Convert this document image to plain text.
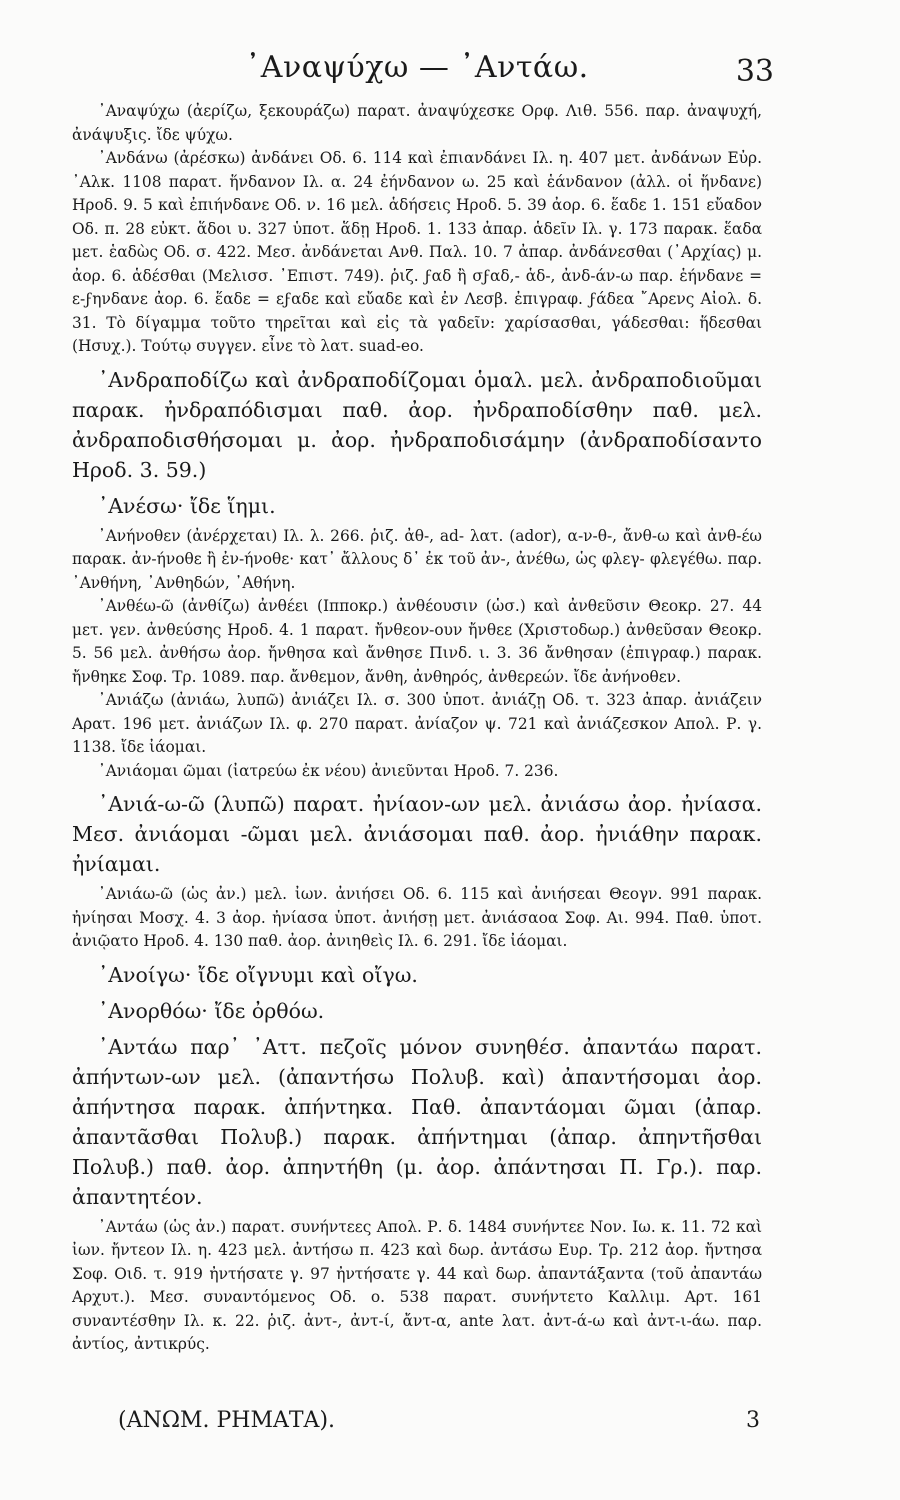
᾿Αναψύχω — ᾿Αντάω.	33

᾿Αναψύχω (ἀερίζω, ξεκουράζω) παρατ. ἀναψύχεσκε Ορφ. Λιθ. 556. παρ. ἀναψυχή, ἀνάψυξις. ἴδε ψύχω.

᾿Ανδάνω (ἀρέσκω) ἀνδάνει Οδ. 6. 114 καὶ ἐπιανδάνει Ιλ. η. 407 μετ. ἀνδάνων Εὐρ. ᾿Αλκ. 1108 παρατ. ἥνδανον Ιλ. α. 24 ἐήνδανον ω. 25 καὶ ἑάνδανον (ἀλλ. οἱ ἥνδανε) Ηροδ. 9. 5 καὶ ἐπιήνδανε Οδ. ν. 16 μελ. ἁδήσεις Ηροδ. 5. 39 ἀορ. 6. ἕαδε 1. 151 εὔαδον Οδ. π. 28 εὐκτ. ἅδοι υ. 327 ὑποτ. ἅδῃ Ηροδ. 1. 133 ἀπαρ. ἁδεῖν Ιλ. γ. 173 παρακ. ἕαδα μετ. ἑαδὼς Οδ. σ. 422. Μεσ. ἀνδάνεται Ανθ. Παλ. 10. 7 ἀπαρ. ἀνδάνεσθαι (᾿Αρχίας) μ. ἀορ. 6. ἁδέσθαι (Μελισσ. ᾿Επιστ. 749). ῥιζ. ϝαδ ἢ σϝαδ,- ἁδ-, ἀνδ-άν-ω παρ. ἑήνδανε = ε-ϝηνδανε ἀορ. 6. ἕαδε = εϝαδε καὶ εὔαδε καὶ ἐν Λεσβ. ἐπιγραφ. ϝάδεα ῎Αρενς Αἰολ. δ. 31. Τὸ δίγαμμα τοῦτο τηρεῖται καὶ εἰς τὰ γαδεῖν: χαρίσασθαι, γάδεσθαι: ἥδεσθαι (Ησυχ.). Τούτῳ συγγεν. εἶνε τὸ λατ. suad-eo.

᾿Ανδραποδίζω καὶ ἀνδραποδίζομαι ὁμαλ. μελ. ἀνδραποδιοῦμαι παρακ. ἠνδραπόδισμαι παθ. ἀορ. ἠνδραποδίσθην παθ. μελ. ἀνδραποδισθήσομαι μ. ἀορ. ἠνδραποδισάμην (ἀνδραποδίσαντο Ηροδ. 3. 59.)

᾿Ανέσω· ἴδε ἵημι.

᾿Ανήνοθεν (ἀνέρχεται) Ιλ. λ. 266. ῥιζ. ἀθ-, ad- λατ. (ador), α-ν-θ-, ἄνθ-ω καὶ ἀνθ-έω παρακ. ἀν-ήνοθε ἢ ἐν-ήνοθε· κατ᾿ ἄλλους δ᾿ ἐκ τοῦ ἀν-, ἀνέθω, ὡς φλεγ- φλεγέθω. παρ. ᾿Ανθήνη, ᾿Ανθηδών, ᾿Αθήνη.

᾿Ανθέω-ῶ (ἀνθίζω) ἀνθέει (Ιπποκρ.) ἀνθέουσιν (ὡσ.) καὶ ἀνθεῦσιν Θεοκρ. 27. 44 μετ. γεν. ἀνθεύσης Ηροδ. 4. 1 παρατ. ἤνθεον-ουν ἤνθεε (Χριστοδωρ.) ἀνθεῦσαν Θεοκρ. 5. 56 μελ. ἀνθήσω ἀορ. ἤνθησα καὶ ἄνθησε Πινδ. ι. 3. 36 ἄνθησαν (ἐπιγραφ.) παρακ. ἤνθηκε Σοφ. Τρ. 1089. παρ. ἄνθεμον, ἄνθη, ἀνθηρός, ἀνθερεών. ἴδε ἀνήνοθεν.

᾿Ανιάζω (ἀνιάω, λυπῶ) ἀνιάζει Ιλ. σ. 300 ὑποτ. ἀνιάζῃ Οδ. τ. 323 ἀπαρ. ἀνιάζειν Αρατ. 196 μετ. ἀνιάζων Ιλ. φ. 270 παρατ. ἀνίαζον ψ. 721 καὶ ἀνιάζεσκον Απολ. Ρ. γ. 1138. ἴδε ἰάομαι.

᾿Ανιάομαι ῶμαι (ἰατρεύω ἐκ νέου) ἀνιεῦνται Ηροδ. 7. 236.

᾿Ανιά-ω-ῶ (λυπῶ) παρατ. ἠνίαον-ων μελ. ἀνιάσω ἀορ. ἠνίασα. Μεσ. ἀνιάομαι -ῶμαι μελ. ἀνιάσομαι παθ. ἀορ. ἠνιάθην παρακ. ἠνίαμαι.

᾿Ανιάω-ῶ (ὡς ἀν.) μελ. ἰων. ἀνιήσει Οδ. 6. 115 καὶ ἀνιήσεαι Θεογν. 991 παρακ. ἠνίησαι Μοσχ. 4. 3 ἀορ. ἠνίασα ὑποτ. ἀνιήσῃ μετ. ἀνιάσαοα Σοφ. Αι. 994. Παθ. ὑποτ. ἀνιῷατο Ηροδ. 4. 130 παθ. ἀορ. ἀνιηθεὶς Ιλ. 6. 291. ἴδε ἰάομαι.

᾿Ανοίγω· ἴδε οἴγνυμι καὶ οἴγω.

᾿Ανορθόω· ἴδε ὀρθόω.

᾿Αντάω παρ᾿ ᾿Αττ. πεζοῖς μόνον συνηθέσ. ἀπαντάω παρατ. ἀπήντων-ων μελ. (ἀπαντήσω Πολυβ. καὶ) ἀπαντήσομαι ἀορ. ἀπήντησα παρακ. ἀπήντηκα. Παθ. ἀπαντάομαι ῶμαι (ἀπαρ. ἀπαντᾶσθαι Πολυβ.) παρακ. ἀπήντημαι (ἀπαρ. ἀπηντῆσθαι Πολυβ.) παθ. ἀορ. ἀπηντήθη (μ. ἀορ. ἀπάντησαι Π. Γρ.). παρ. ἀπαντητέον.

᾿Αντάω (ὡς ἀν.) παρατ. συνήντεες Απολ. Ρ. δ. 1484 συνήντεε Νον. Ιω. κ. 11. 72 καὶ ἰων. ἤντεον Ιλ. η. 423 μελ. ἀντήσω π. 423 καὶ δωρ. ἀντάσω Ευρ. Τρ. 212 ἀορ. ἤντησα Σοφ. Οιδ. τ. 919 ἠντήσατε γ. 97 ἠντήσατε γ. 44 καὶ δωρ. ἀπαντάξαντα (τοῦ ἀπαντάω Αρχυτ.). Μεσ. συναντόμενος Οδ. ο. 538 παρατ. συνήντετο Καλλιμ. Αρτ. 161 συναντέσθην Ιλ. κ. 22. ῥιζ. ἀντ-, ἀντ-ί, ἄντ-α, ante λατ. ἀντ-ά-ω καὶ ἀντ-ι-άω. παρ. ἀντίος, ἀντικρύς.

(ΑΝΩΜ. ΡΗΜΑΤΑ).	3
